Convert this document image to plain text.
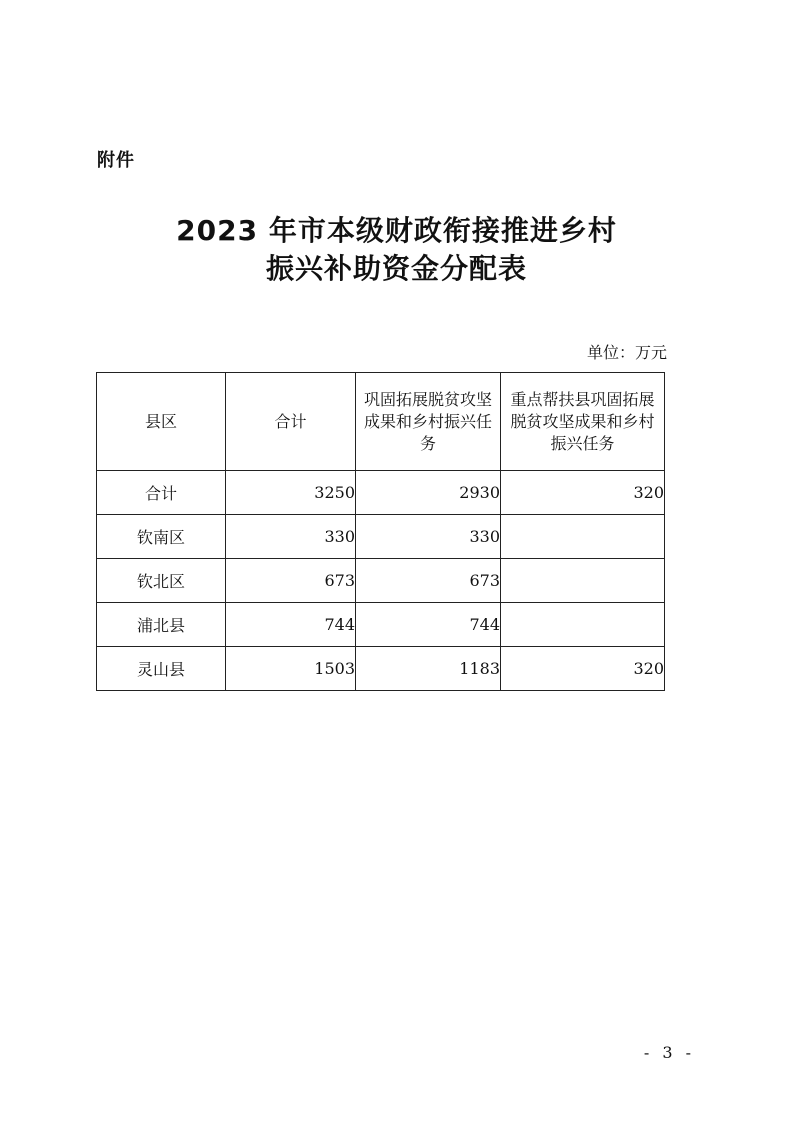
附件
2023 年市本级财政衔接推进乡村
振兴补助资金分配表
单位：万元
县区	合计	巩固拓展脱贫攻坚成果和乡村振兴任务	重点帮扶县巩固拓展脱贫攻坚成果和乡村振兴任务
合计	3250	2930	320
钦南区	330	330	
钦北区	673	673	
浦北县	744	744	
灵山县	1503	1183	320
- 3 -
